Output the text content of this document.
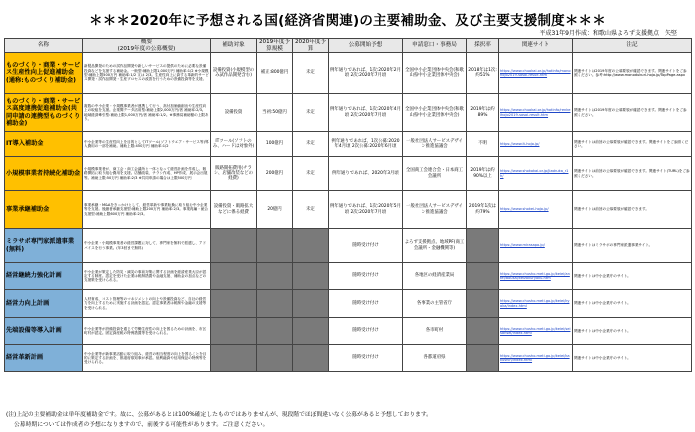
＊＊＊2020年に予想される国(経済省関連)の主要補助金、及び主要支援制度＊＊＊
平成31年9月作成：和歌山県よろず支援拠点　矢堅
名称	概要
(2019年度の公募概要)	補助対象	2019年度予算規模	2020年度予算	公募開始予想	申請窓口・事務局	採択率	関連サイト	注記
ものづくり・商業・サービス生産性向上促進補助金(通称:ものづくり補助金)	新製品開発のための試作品開発や新しいサービスの提供のために必要な設備投資などを支援する補助金。一般型:補助上限1,000万円 補助率:1/2 ※小規模型:補助上限500万円 補助率:1/2 又は 2/3。生産性向上に資する革新的サービス開発・試作品開発・生産プロセスの改善を行うための設備投資等を支援。	設備投資(小規模型のみ試作品開発含む)	補正:800億円	未定	例年通りであれば、1次:2020年2月頃 2次:2020年7月頃	全国中小企業団体中央会(和歌山県中小企業団体中央会)	2018年は1次:約51%	https://www.chuokai.or.jp/hotinfo/monohojo2019-sosoi-result.htm	関連サイトは2019年度の公募要領が確認できます。関連サイトをご参照ください。参考:http://www.monodukuri-hojo.jp/TopPage.aspx
ものづくり・商業・サービス高度連携促進補助金(共同申請の連携型ものづくり補助金)	複数の中小企業・小規模事業者が連携して行う、高付加価値創出や生産性向上の取組を支援。企業間データ活用型:補助上限2,000万円/者 補助率:2/3。地域経済牽引型:補助上限1,000万円/者 補助率:1/2。※事務局補助額の上限あり。	設備投資	当初:50億円	未定	例年通りであれば、1次:2020年4月頃 2次:2020年7月頃	全国中小企業団体中央会(和歌山県中小企業団体中央会)	2019年は約89%	https://www.chuokai.or.jp/hotinfo/renkeihojo2019-sosoi-result.htm	関連サイトは2019年度の公募要領が確認できます。関連サイトをご参照ください。
IT導入補助金	中小企業等の生産性向上を目的としてITツール(ソフトウエア・サービス等)導入費用の一部を補助。補助上限:450万円 補助率:1/2	ITツール(ソフトのみ、ハードは対象外)	100億円	未定	例年通りであれば、1次公募:2020年4月頃 2次公募:2020年6月頃	一般社団法人サービスデザイン推進協議会	不明	https://www.it-hojo.jp/	関連サイトは前回の公募要領が確認できます。関連サイトをご参照ください。
小規模事業者持続化補助金	小規模事業者が、商工会・商工会議所と一体となって経営計画を作成し、販路開拓に取り組む費用を支援。店舗改装、チラシ作成、HP作成、展示会出展等。補助上限:50万円 補助率:2/3 ※共同申請の場合は上限500万円	販路開拓費用(チラシ、店舗改装などの経費)	200億円	未定	例年通りであれば、2020年3月頃	全国商工会連合会・日本商工会議所	2019年は約90%以上	https://www.shokokai.or.jp/jizokuka_r1h/	関連サイトは前回の公募要領が確認できます。関連サイト(TURL)をご参照ください。
事業承継補助金	事業承継・M&Aをきっかけとして、経営革新や事業転換に取り組む中小企業等を支援。後継者承継支援型:補助上限200万円 補助率:2/3。事業再編・統合支援型:補助上限600万円 補助率:2/3。	設備投資・販路拡大などに係る経費	20億円	未定	例年通りであれば、1次:2020年5月頃 2次:2020年7月頃	一般社団法人サービスデザイン推進協議会	2019年1次は約79%	https://www.shokei-hojo.jp/	関連サイトは前回の公募要領が確認できます。
ミラサポ専門家派遣事業(無料)	中小企業・小規模事業者の経営課題に対して、専門家を無料で派遣し、アドバイスを行う事業。(年3回まで無料)				随時受け付け	よろず支援拠点、地域PF(商工会議所・金融機関等)		https://www.mirasapo.jp/	関連サイトはミラサポの専門家派遣事業サイト。
経営継続力強化計画	中小企業が策定した防災・減災の事前対策に関する計画を経済産業大臣が認定する制度。認定を受けた企業は税制措置や金融支援、補助金の加点などの支援策を受けられる。				随時受け付け	各地区の経済産業局		https://www.chusho.meti.go.jp/keiei/antei/bousai/keizokuryoku.htm	関連サイトは中小企業庁のサイト。
経営力向上計画	人材育成、コスト管理等のマネジメントの向上や設備投資など、自社の経営力を向上するために実施する計画を認定。認定事業者は税制や金融の支援等を受けられる。				随時受け付け	各事業の主管省庁		https://www.chusho.meti.go.jp/keiei/kyoka/index.html	関連サイトは中小企業庁のサイト。
先端設備等導入計画	中小企業等が設備投資を通じて労働生産性の向上を図るための計画を、市区町村が認定。固定資産税の特例措置等を受けられる。				随時受け付け	各市町村		https://www.chusho.meti.go.jp/keiei/seisansei/index.html	関連サイトは中小企業庁のサイト。
経営革新計画	中小企業等が新事業活動に取り組み、経営の相当程度の向上を図ることを目的に策定する計画を、都道府県知事が承認。低利融資や信用保証の特例等を受けられる。				随時受け付け	各都道府県		https://www.chusho.meti.go.jp/keiei/kakushin/index.html	関連サイトは中小企業庁のサイト。
(注)上記の主要補助金は単年度補助金です。故に、公募があるとは100%確定したものではありませんが、現段階でほぼ間違いなく公募があると予想しております。
公募時期については作成者の予想になりますので、前後する可能性があります。ご注意ください。
